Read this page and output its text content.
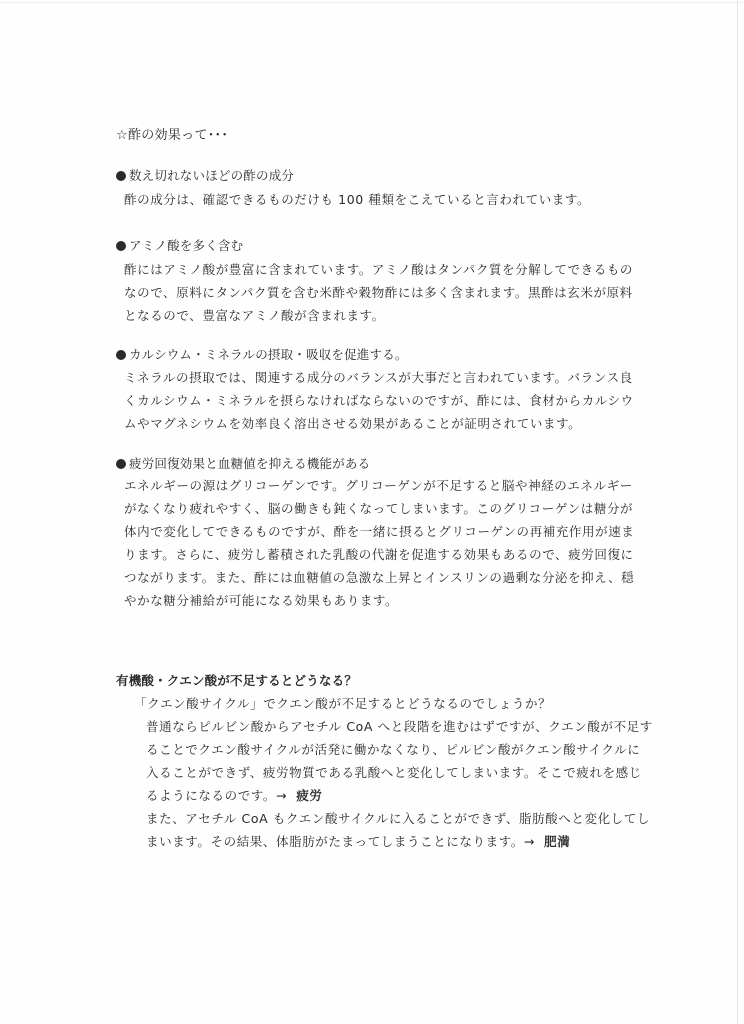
☆酢の効果って･･･
数え切れないほどの酢の成分
酢の成分は、確認できるものだけも 100 種類をこえていると言われています。
アミノ酸を多く含む
酢にはアミノ酸が豊富に含まれています。アミノ酸はタンパク質を分解してできるもの
なので、原料にタンパク質を含む米酢や穀物酢には多く含まれます。黒酢は玄米が原料
となるので、豊富なアミノ酸が含まれます。
カルシウム・ミネラルの摂取・吸収を促進する。
ミネラルの摂取では、関連する成分のバランスが大事だと言われています。バランス良
くカルシウム・ミネラルを摂らなければならないのですが、酢には、食材からカルシウ
ムやマグネシウムを効率良く溶出させる効果があることが証明されています。
疲労回復効果と血糖値を抑える機能がある
エネルギーの源はグリコーゲンです。グリコーゲンが不足すると脳や神経のエネルギー
がなくなり疲れやすく、脳の働きも鈍くなってしまいます。このグリコーゲンは糖分が
体内で変化してできるものですが、酢を一緒に摂るとグリコーゲンの再補充作用が速ま
ります。さらに、疲労し蓄積された乳酸の代謝を促進する効果もあるので、疲労回復に
つながります。また、酢には血糖値の急激な上昇とインスリンの過剰な分泌を抑え、穏
やかな糖分補給が可能になる効果もあります。
有機酸・クエン酸が不足するとどうなる？
「クエン酸サイクル」でクエン酸が不足するとどうなるのでしょうか？
普通ならピルビン酸からアセチル CoA へと段階を進むはずですが、クエン酸が不足す
ることでクエン酸サイクルが活発に働かなくなり、ピルビン酸がクエン酸サイクルに
入ることができず、疲労物質である乳酸へと変化してしまいます。そこで疲れを感じ
るようになるのです。→ 疲労
また、アセチル CoA もクエン酸サイクルに入ることができず、脂肪酸へと変化してし
まいます。その結果、体脂肪がたまってしまうことになります。→ 肥満
